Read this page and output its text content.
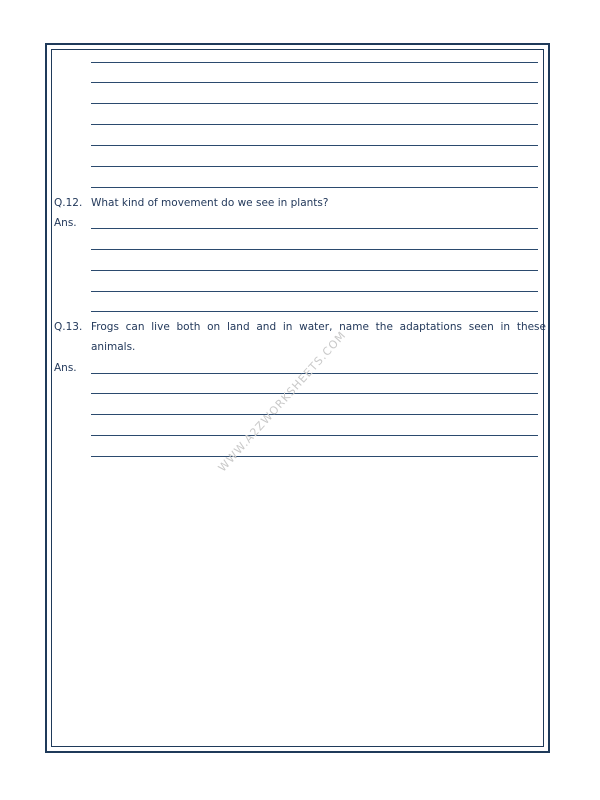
Q.12. What kind of movement do we see in plants?
Ans.
Q.13. Frogs can live both on land and in water, name the adaptations seen in these
animals.
Ans.	WWW.A2ZWORKSHEETS.COM
